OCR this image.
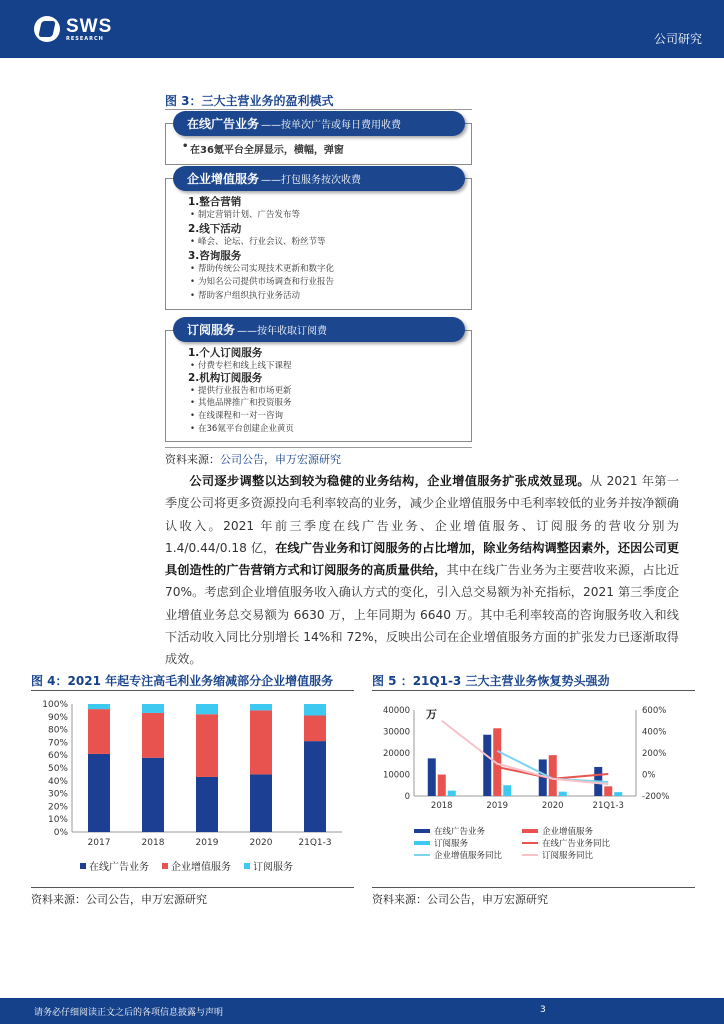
SWS
RESEARCH	公司研究
图 3：三大主营业务的盈利模式
在线广告业务 ——按单次广告或每日费用收费
• 在36氪平台全屏显示，横幅，弹窗
企业增值服务 ——打包服务按次收费
1.整合营销
• 制定营销计划、广告发布等
2.线下活动
• 峰会、论坛、行业会议、粉丝节等
3.咨询服务
• 帮助传统公司实现技术更新和数字化
• 为知名公司提供市场调查和行业报告
• 帮助客户组织执行业务活动
订阅服务 ——按年收取订阅费
1.个人订阅服务
• 付费专栏和线上线下课程
2.机构订阅服务
• 提供行业报告和市场更新
• 其他品牌推广和投资服务
• 在线课程和一对一咨询
• 在36氪平台创建企业黄页
资料来源：公司公告，申万宏源研究

公司逐步调整以达到较为稳健的业务结构，企业增值服务扩张成效显现。从 2021 年第一季度公司将更多资源投向毛利率较高的业务，减少企业增值服务中毛利率较低的业务并按净额确认收入。2021 年前三季度在线广告业务、企业增值服务、订阅服务的营收分别为 1.4/0.44/0.18 亿，在线广告业务和订阅服务的占比增加，除业务结构调整因素外，还因公司更具创造性的广告营销方式和订阅服务的高质量供给，其中在线广告业务为主要营收来源，占比近 70%。考虑到企业增值服务收入确认方式的变化，引入总交易额为补充指标，2021 第三季度企业增值业务总交易额为 6630 万，上年同期为 6640 万。其中毛利率较高的咨询服务收入和线下活动收入同比分别增长 14%和 72%，反映出公司在企业增值服务方面的扩张发力已逐渐取得成效。

图 4：2021 年起专注高毛利业务缩减部分企业增值服务
0%
10%
20%
30%
40%
50%
60%
70%
80%
90%
100%
2017	2018	2019	2020	21Q1-3
在线广告业务 企业增值服务 订阅服务
资料来源：公司公告，申万宏源研究
图 5 ：21Q1-3 三大主营业务恢复势头强劲
0
10000
20000
30000
40000
-200%
0%
200%
400%
600%
万
2018	2019	2020	21Q1-3
在线广告业务	企业增值服务
订阅服务	在线广告业务同比
企业增值服务同比	订阅服务同比
资料来源：公司公告，申万宏源研究
请务必仔细阅读正文之后的各项信息披露与声明	3
